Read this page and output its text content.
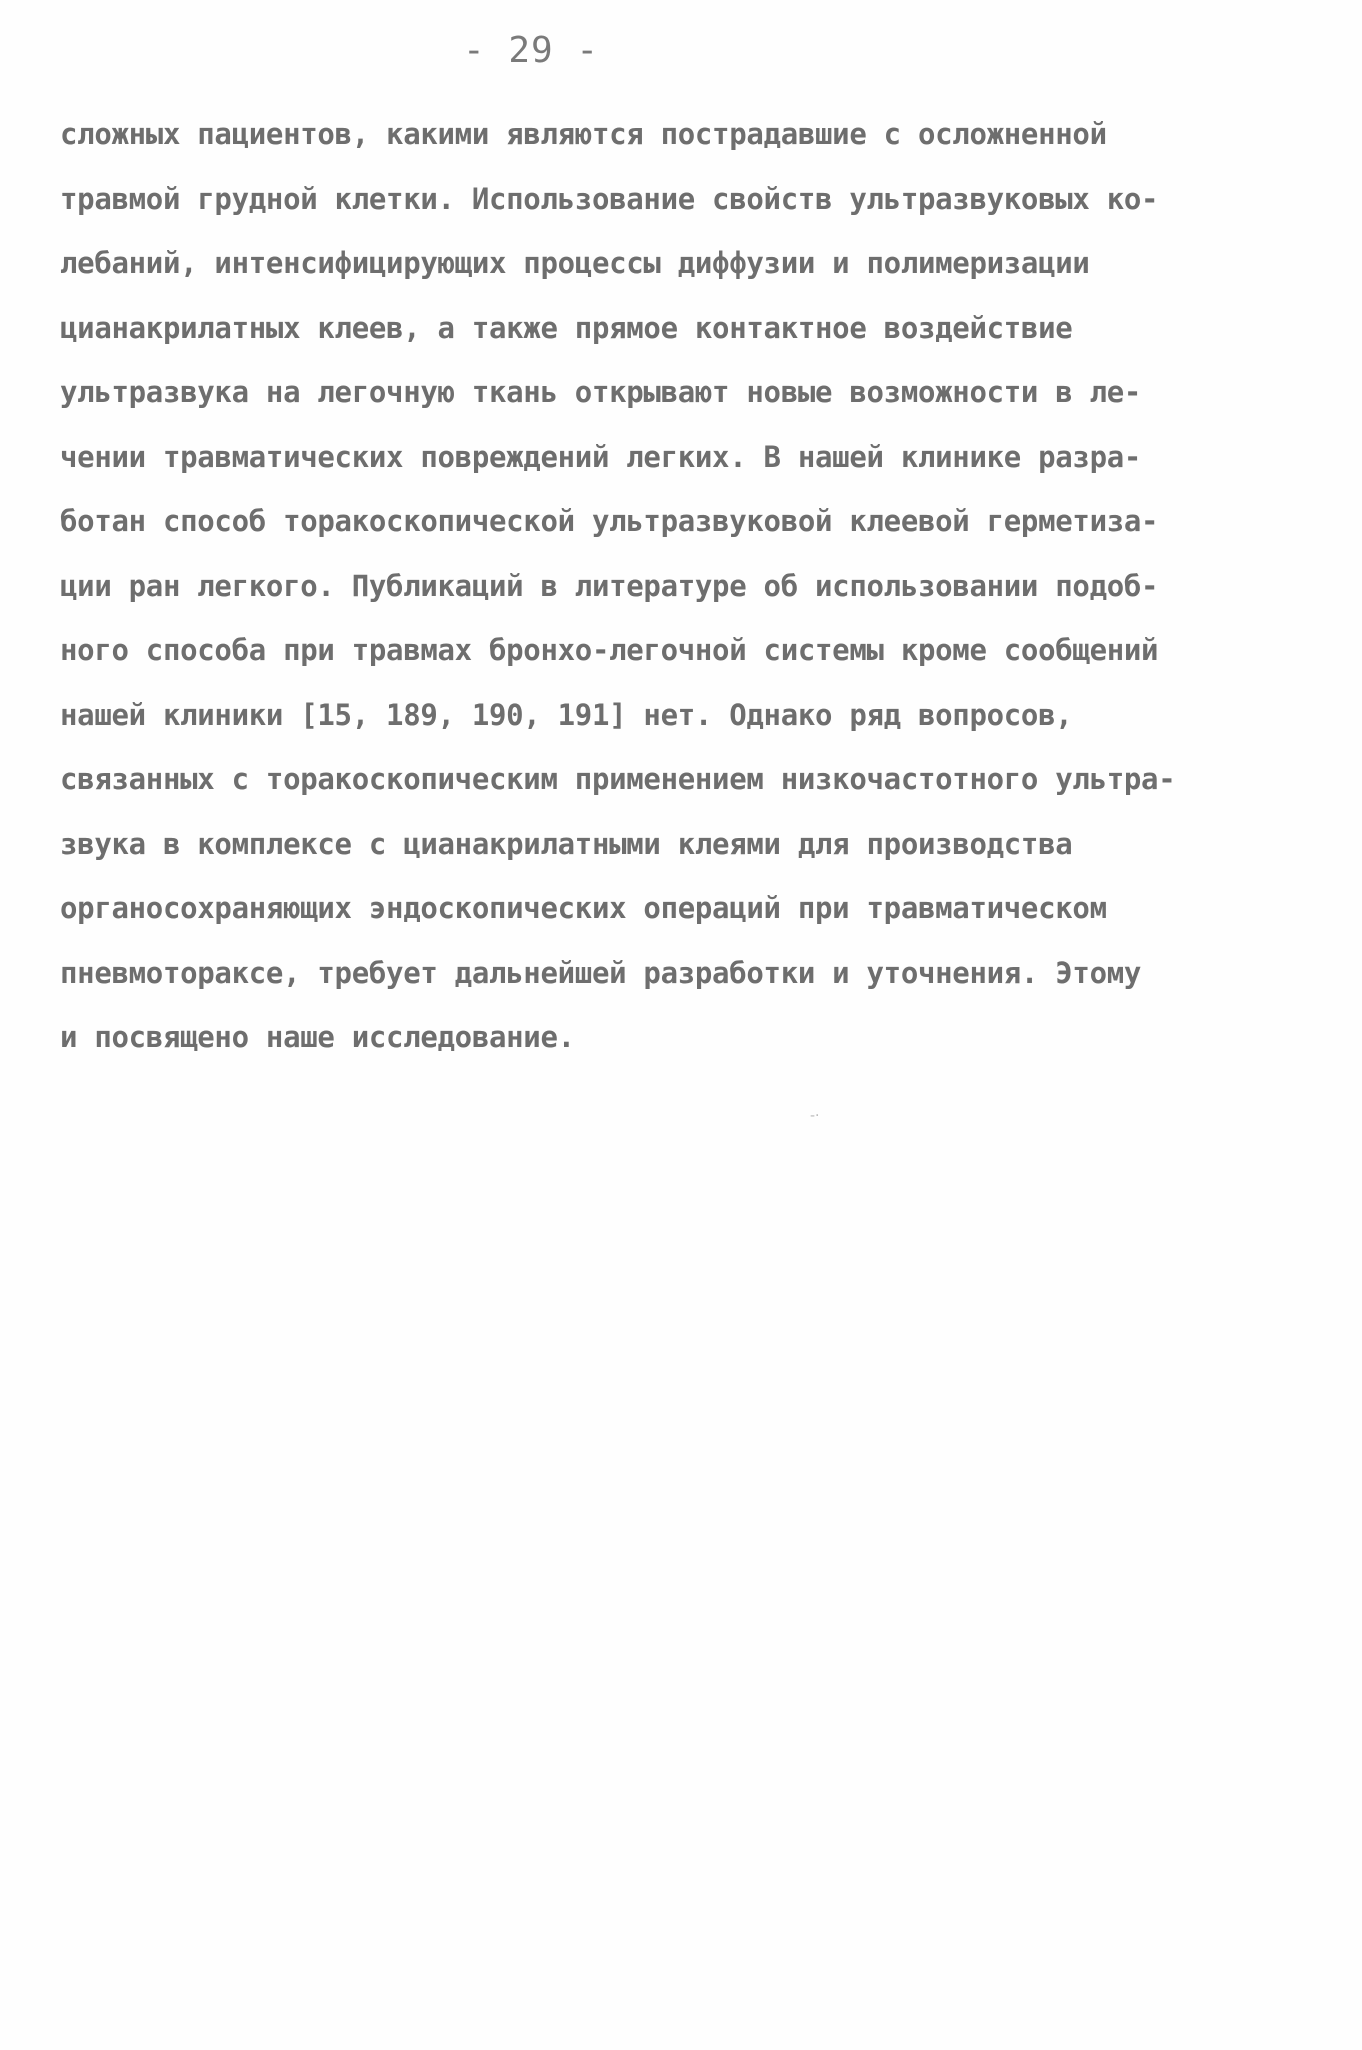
- 29 -
сложных пациентов, какими являются пострадавшие с осложненной
травмой грудной клетки. Использование свойств ультразвуковых ко-
лебаний, интенсифицирующих процессы диффузии и полимеризации
цианакрилатных клеев, а также прямое контактное воздействие
ультразвука на легочную ткань открывают новые возможности в ле-
чении травматических повреждений легких. В нашей клинике разра-
ботан способ торакоскопической ультразвуковой клеевой герметиза-
ции ран легкого. Публикаций в литературе об использовании подоб-
ного способа при травмах бронхо-легочной системы кроме сообщений
нашей клиники [15, 189, 190, 191] нет. Однако ряд вопросов,
связанных с торакоскопическим применением низкочастотного ультра-
звука в комплексе с цианакрилатными клеями для производства
органосохраняющих эндоскопических операций при травматическом
пневмотораксе, требует дальнейшей разработки и уточнения. Этому
и посвящено наше исследование.
-·
